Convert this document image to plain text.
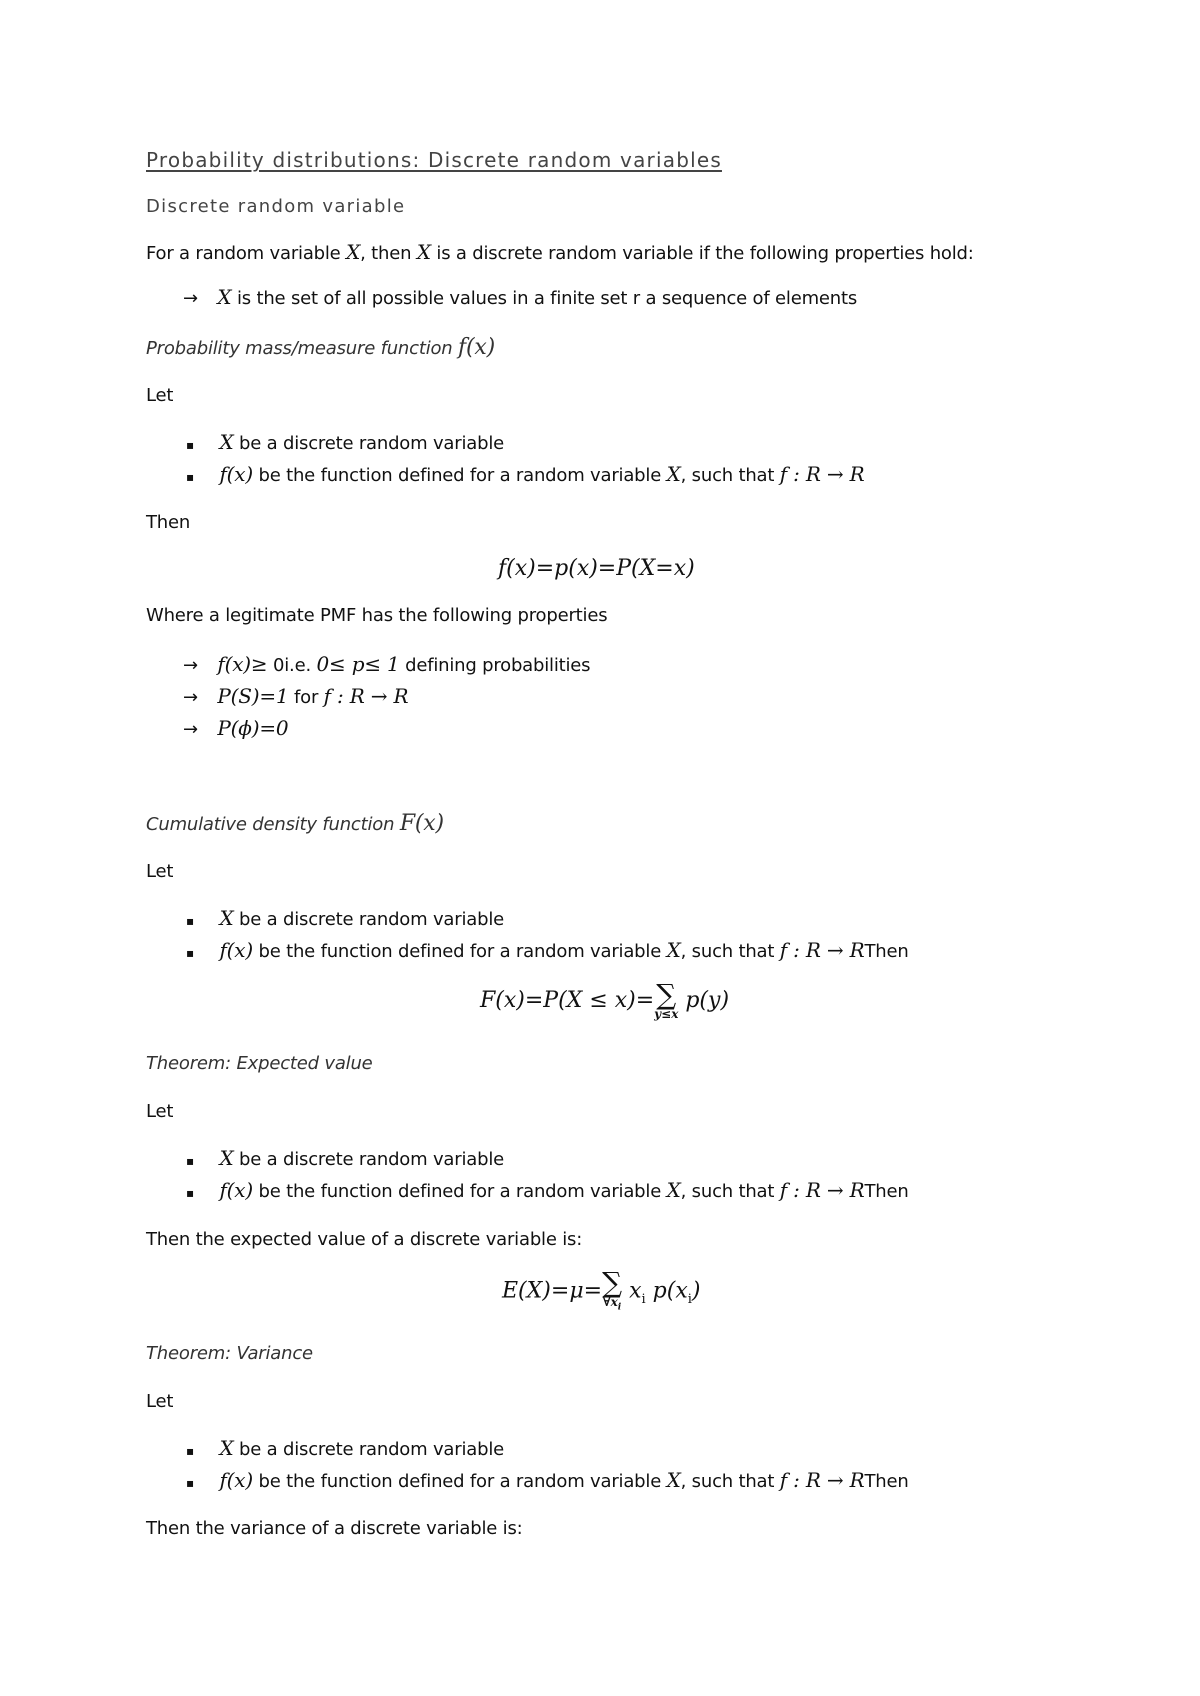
Probability distributions: Discrete random variables
Discrete random variable
For a random variable X, then X is a discrete random variable if the following properties hold:
→ X is the set of all possible values in a finite set r a sequence of elements
Probability mass/measure function f(x)
Let
▪ X be a discrete random variable
▪ f(x) be the function defined for a random variable X, such that f : R → R
Then
f(x)=p(x)=P(X=x)
Where a legitimate PMF has the following properties
→ f(x)≥ 0i.e. 0≤ p≤ 1 defining probabilities
→ P(S)=1 for f : R → R
→ P(ϕ)=0
Cumulative density function F(x)
Let
▪ X be a discrete random variable
▪ f(x) be the function defined for a random variable X, such that f : R → RThen
F(x)=P(X ≤ x)= ∑
y≤x
p(y)
Theorem: Expected value
Let
▪ X be a discrete random variable
▪ f(x) be the function defined for a random variable X, such that f : R → RThen
Then the expected value of a discrete variable is:
E(X)=μ= ∑
$\forall x_i$
$x_i$ $p(x_i)$
Theorem: Variance
Let
▪ X be a discrete random variable
▪ f(x) be the function defined for a random variable X, such that f : R → RThen
Then the variance of a discrete variable is:
